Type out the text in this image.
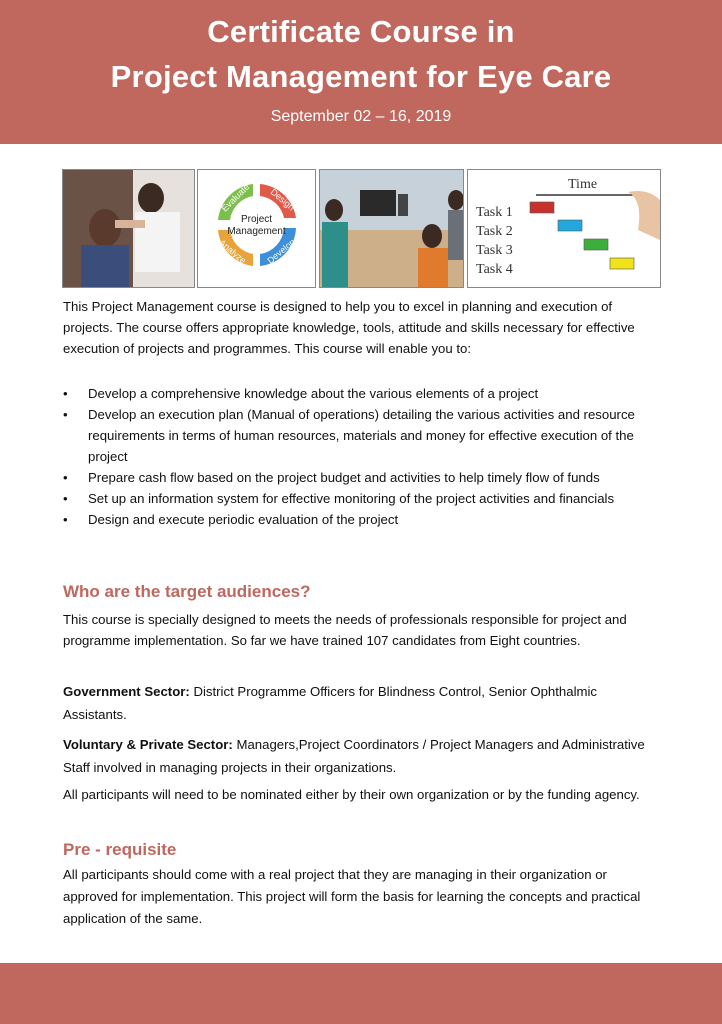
Certificate Course in
Project Management for Eye Care
September 02 – 16, 2019
Evaluate Design
Develop
Analyze
Project
Management
Time
Task 1
Task 2
Task 3
Task 4
This Project Management course is designed to help you to excel in planning and execution of projects. The course offers appropriate knowledge, tools, attitude and skills necessary for effective execution of projects and programmes. This course will enable you to:
• Develop a comprehensive knowledge about the various elements of a project
• Develop an execution plan (Manual of operations) detailing the various activities and resource requirements in terms of human resources, materials and money for effective execution of the project
• Prepare cash flow based on the project budget and activities to help timely flow of funds
• Set up an information system for effective monitoring of the project activities and financials
• Design and execute periodic evaluation of the project
Who are the target audiences?
This course is specially designed to meets the needs of professionals responsible for project and programme implementation. So far we have trained 107 candidates from Eight countries.
Government Sector: District Programme Officers for Blindness Control, Senior Ophthalmic Assistants.
Voluntary & Private Sector: Managers,Project Coordinators / Project Managers and Administrative Staff involved in managing projects in their organizations.
All participants will need to be nominated either by their own organization or by the funding agency.
Pre - requisite
All participants should come with a real project that they are managing in their organization or approved for implementation. This project will form the basis for learning the concepts and practical application of the same.
